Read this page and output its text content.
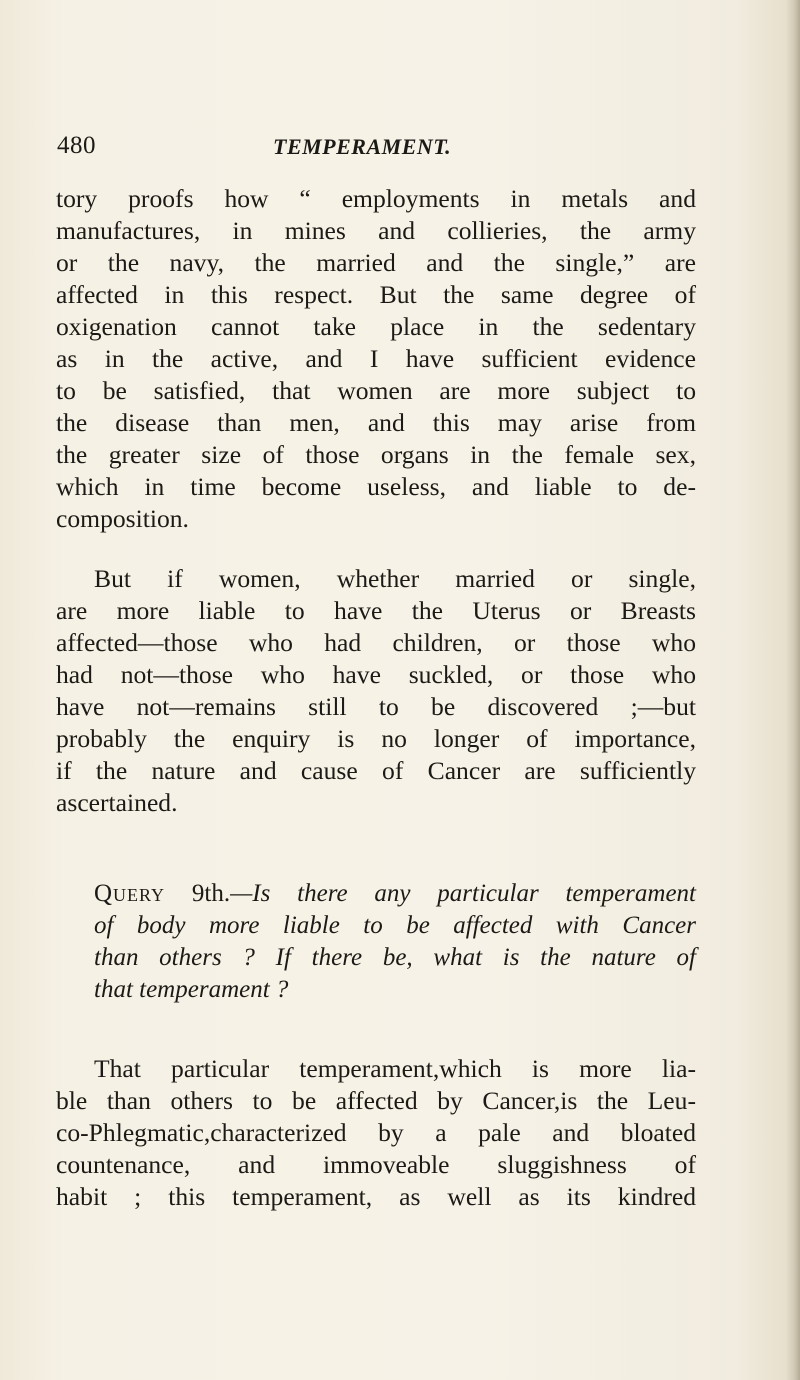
480	TEMPERAMENT.
tory proofs how “ employments in metals and
manufactures, in mines and collieries, the army
or the navy, the married and the single,” are
affected in this respect. But the same degree of
oxigenation cannot take place in the sedentary
as in the active, and I have sufficient evidence
to be satisfied, that women are more subject to
the disease than men, and this may arise from
the greater size of those organs in the female sex,
which in time become useless, and liable to de-
composition.
But if women, whether married or single,
are more liable to have the Uterus or Breasts
affected—those who had children, or those who
had not—those who have suckled, or those who
have not—remains still to be discovered ;—but
probably the enquiry is no longer of importance,
if the nature and cause of Cancer are sufficiently
ascertained.
Query 9th.—Is there any particular temperament
of body more liable to be affected with Cancer
than others ? If there be, what is the nature of
that temperament ?
That particular temperament,which is more lia-
ble than others to be affected by Cancer,is the Leu-
co-Phlegmatic,characterized by a pale and bloated
countenance, and immoveable sluggishness of
habit ; this temperament, as well as its kindred
